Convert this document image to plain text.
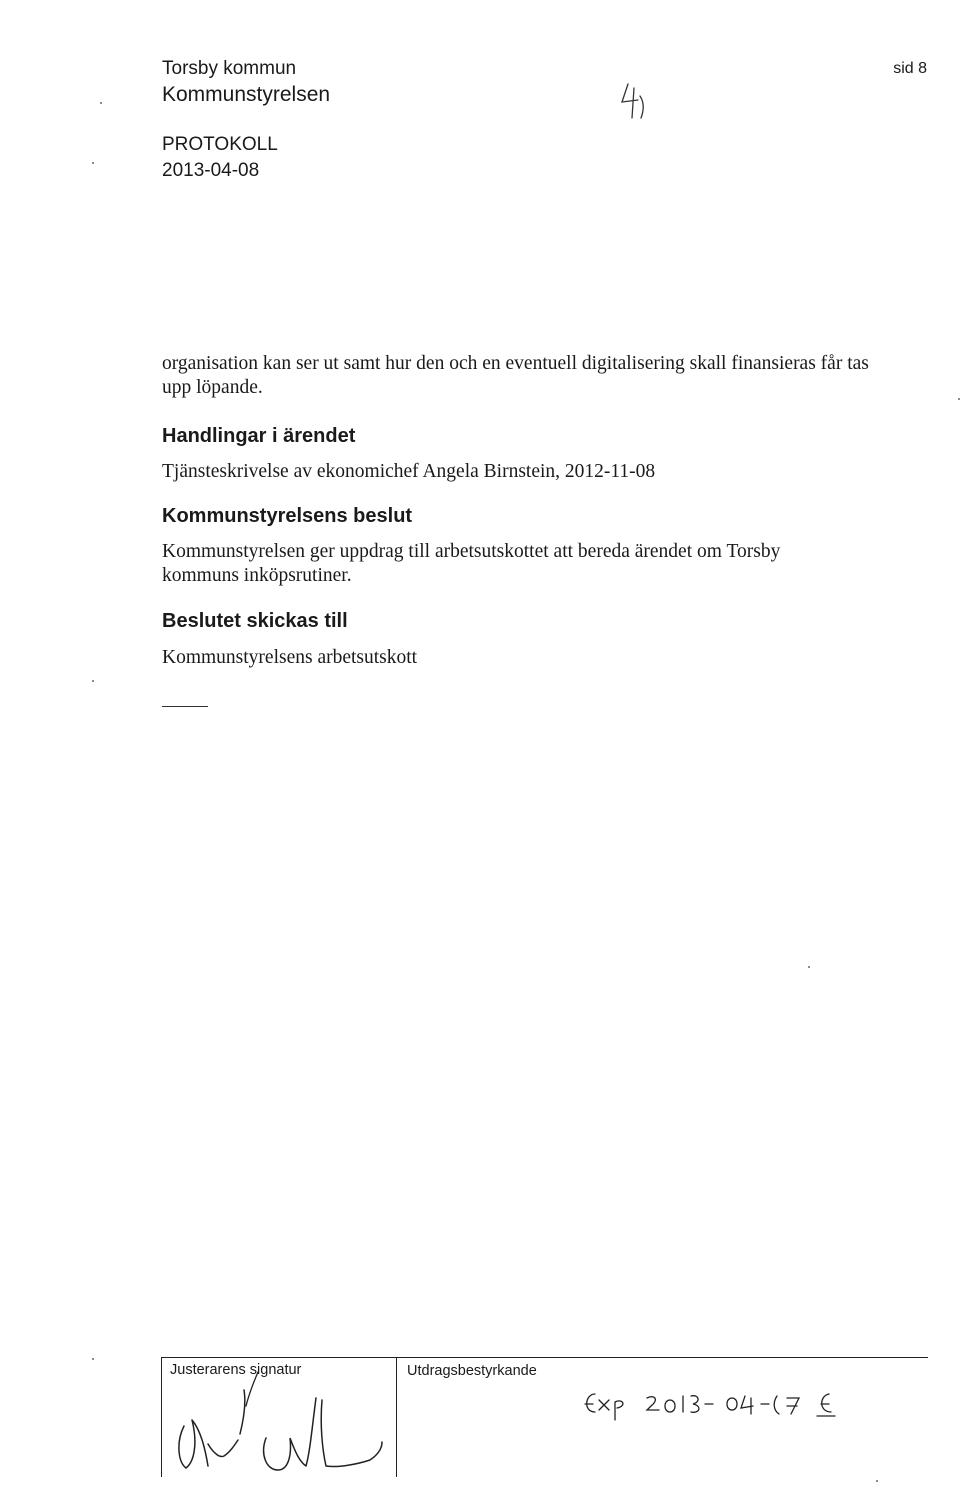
Torsby kommun
Kommunstyrelsen
PROTOKOLL
2013-04-08
sid 8
organisation kan ser ut samt hur den och en eventuell digitalisering skall finansieras får tas upp löpande.
Handlingar i ärendet
Tjänsteskrivelse av ekonomichef Angela Birnstein, 2012-11-08
Kommunstyrelsens beslut
Kommunstyrelsen ger uppdrag till arbetsutskottet att bereda ärendet om Torsby kommuns inköpsrutiner.
Beslutet skickas till
Kommunstyrelsens arbetsutskott
Justerarens signatur	Utdragsbestyrkande
